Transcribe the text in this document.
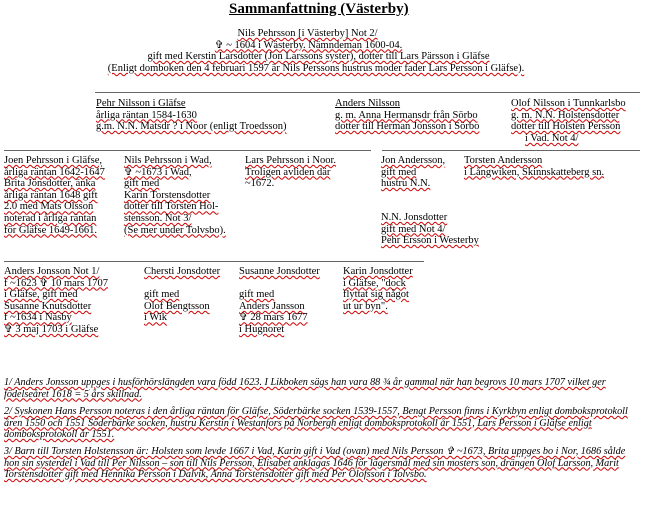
Sammanfattning (Västerby)
Nils Pehrsson [i Västerby] Not 2/
✞ ~ 1604 i Wästerby. Nämndeman 1600-04.
gift med Kerstin Larsdotter (Jon Larssons syster), dotter till Lars Pärsson i Gläfse
(Enligt domboken den 4 februari 1597 är Nils Perssons hustrus moder fader Lars Persson i Gläfse).
Pehr Nilsson i Gläfse
årliga räntan 1584-1630
g.m. N.N. Matsdr ? i Noor (enligt Troedsson)
Anders Nilsson
g. m. Anna Hermansdr från Sörbo
dotter till Herman Jonsson i Sörbo
Olof Nilsson i Tunnkarlsbo
g. m. N.N. Holstensdotter
dotter till Holsten Persson
i Vad. Not 4/
Joen Pehrsson i Gläfse,
årliga räntan 1642-1647
Brita Jönsdotter, änka
årliga räntan 1648 gift
2.0 med Mats Olsson
noterad i årliga räntan
för Gläfse 1649-1661.
Nils Pehrsson i Wad,
✞ ~1673 i Wad,
gift med
Karin Torstensdotter
dotter till Torsten Hol-
stensson. Not 3/
(Se mer under Tolvsbo).
Lars Pehrsson i Noor.
Troligen avliden där
~1672.
Jon Andersson,
gift med
hustru N.N.
N.N. Jonsdotter
gift med Not 4/
Pehr Ersson i Westerby
Torsten Andersson
i Långwiken, Skinnskatteberg sn.
Anders Jonsson Not 1/
f ~1623 ✞ 10 mars 1707
i Gläfse, gift med
Susanne Knutsdotter
f ~1634 i Näsby
✞ 3 maj 1703 i Gläfse
Chersti Jonsdotter
gift med
Olof Bengtsson
i Wik
Susanne Jonsdotter
gift med
Anders Jansson
✞ 28 mars 1677
i Hugnoret
Karin Jonsdotter
i Gläfse, "dock
flyttat sig något
ut ur byn".
1/ Anders Jonsson uppges i husförhörslängden vara född 1623. I Likboken sägs han vara 88 ¾ år gammal när han begrovs 10 mars 1707 vilket ger födelseåret 1618 = 5 års skillnad.
2/ Syskonen Hans Persson noteras i den årliga räntan för Gläfse, Söderbärke socken 1539-1557, Bengt Persson finns i Kyrkbyn enligt domboksprotokoll åren 1550 och 1551 Söderbärke socken, hustru Kerstin i Westanfors på Norbergh enligt domboksprotokoll år 1551, Lars Persson i Gläfse enligt domboksprotokoll år 1551.
3/ Barn till Torsten Holstensson är: Holsten som levde 1667 i Vad, Karin gift i Vad (ovan) med Nils Persson ✞ ~1673, Brita uppges bo i Nor, 1686 sålde hon sin systerdel i Vad till Per Nilsson – son till Nils Persson, Elisabet anklagas 1646 för lägersmål med sin mosters son, drängen Olof Larsson, Marit Torstensdotter gift med Hennika Persson i Dalvik, Anna Torstensdotter gift med Per Olofsson i Tolvsbo.
